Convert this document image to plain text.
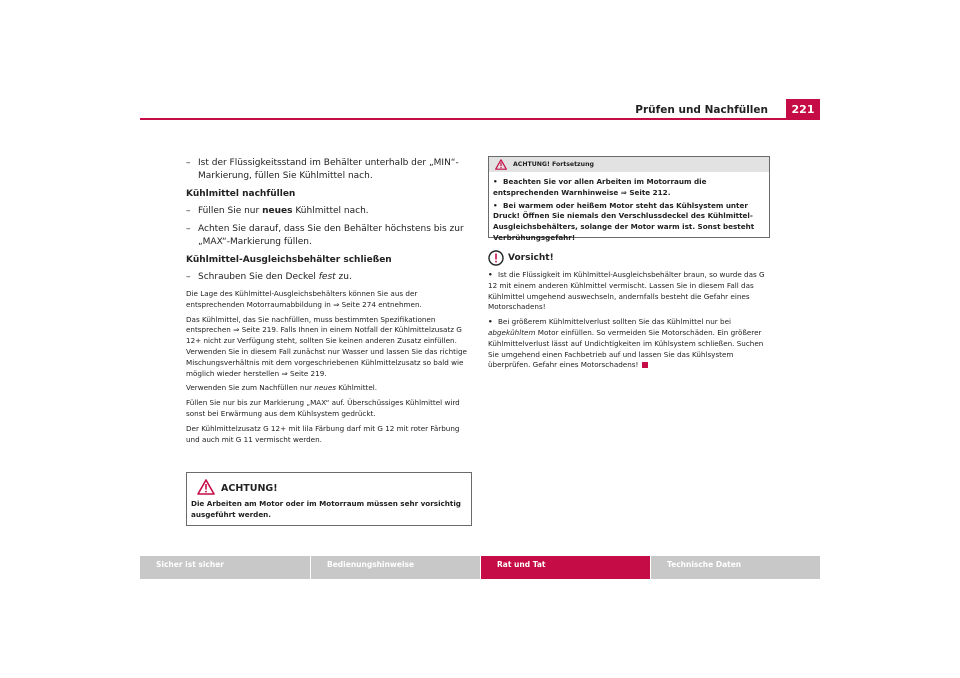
Prüfen und Nachfüllen	221
– Ist der Flüssigkeitsstand im Behälter unterhalb der „MIN“-Markierung, füllen Sie Kühlmittel nach.
Kühlmittel nachfüllen
– Füllen Sie nur neues Kühlmittel nach.
– Achten Sie darauf, dass Sie den Behälter höchstens bis zur „MAX“-Markierung füllen.
Kühlmittel-Ausgleichsbehälter schließen
– Schrauben Sie den Deckel fest zu.

Die Lage des Kühlmittel-Ausgleichsbehälters können Sie aus der entsprechenden Motorraumabbildung in ⇒ Seite 274 entnehmen.

Das Kühlmittel, das Sie nachfüllen, muss bestimmten Spezifikationen entsprechen ⇒ Seite 219. Falls Ihnen in einem Notfall der Kühlmittelzusatz G 12+ nicht zur Verfügung steht, sollten Sie keinen anderen Zusatz einfüllen. Verwenden Sie in diesem Fall zunächst nur Wasser und lassen Sie das richtige Mischungsverhältnis mit dem vorgeschriebenen Kühlmittelzusatz so bald wie möglich wieder herstellen ⇒ Seite 219.

Verwenden Sie zum Nachfüllen nur neues Kühlmittel.

Füllen Sie nur bis zur Markierung „MAX“ auf. Überschüssiges Kühlmittel wird sonst bei Erwärmung aus dem Kühlsystem gedrückt.

Der Kühlmittelzusatz G 12+ mit lila Färbung darf mit G 12 mit roter Färbung und auch mit G 11 vermischt werden.

ACHTUNG!
Die Arbeiten am Motor oder im Motorraum müssen sehr vorsichtig ausgeführt werden.
ACHTUNG! Fortsetzung
• Beachten Sie vor allen Arbeiten im Motorraum die entsprechenden Warnhinweise ⇒ Seite 212.
• Bei warmem oder heißem Motor steht das Kühlsystem unter Druck! Öffnen Sie niemals den Verschlussdeckel des Kühlmittel-Ausgleichsbehälters, solange der Motor warm ist. Sonst besteht Verbrühungsgefahr!
Vorsicht!
• Ist die Flüssigkeit im Kühlmittel-Ausgleichsbehälter braun, so wurde das G 12 mit einem anderen Kühlmittel vermischt. Lassen Sie in diesem Fall das Kühlmittel umgehend auswechseln, andernfalls besteht die Gefahr eines Motorschadens!
• Bei größerem Kühlmittelverlust sollten Sie das Kühlmittel nur bei abgekühltem Motor einfüllen. So vermeiden Sie Motorschäden. Ein größerer Kühlmittelverlust lässt auf Undichtigkeiten im Kühlsystem schließen. Suchen Sie umgehend einen Fachbetrieb auf und lassen Sie das Kühlsystem überprüfen. Gefahr eines Motorschadens!
Sicher ist sicher	Bedienungshinweise	Rat und Tat	Technische Daten
